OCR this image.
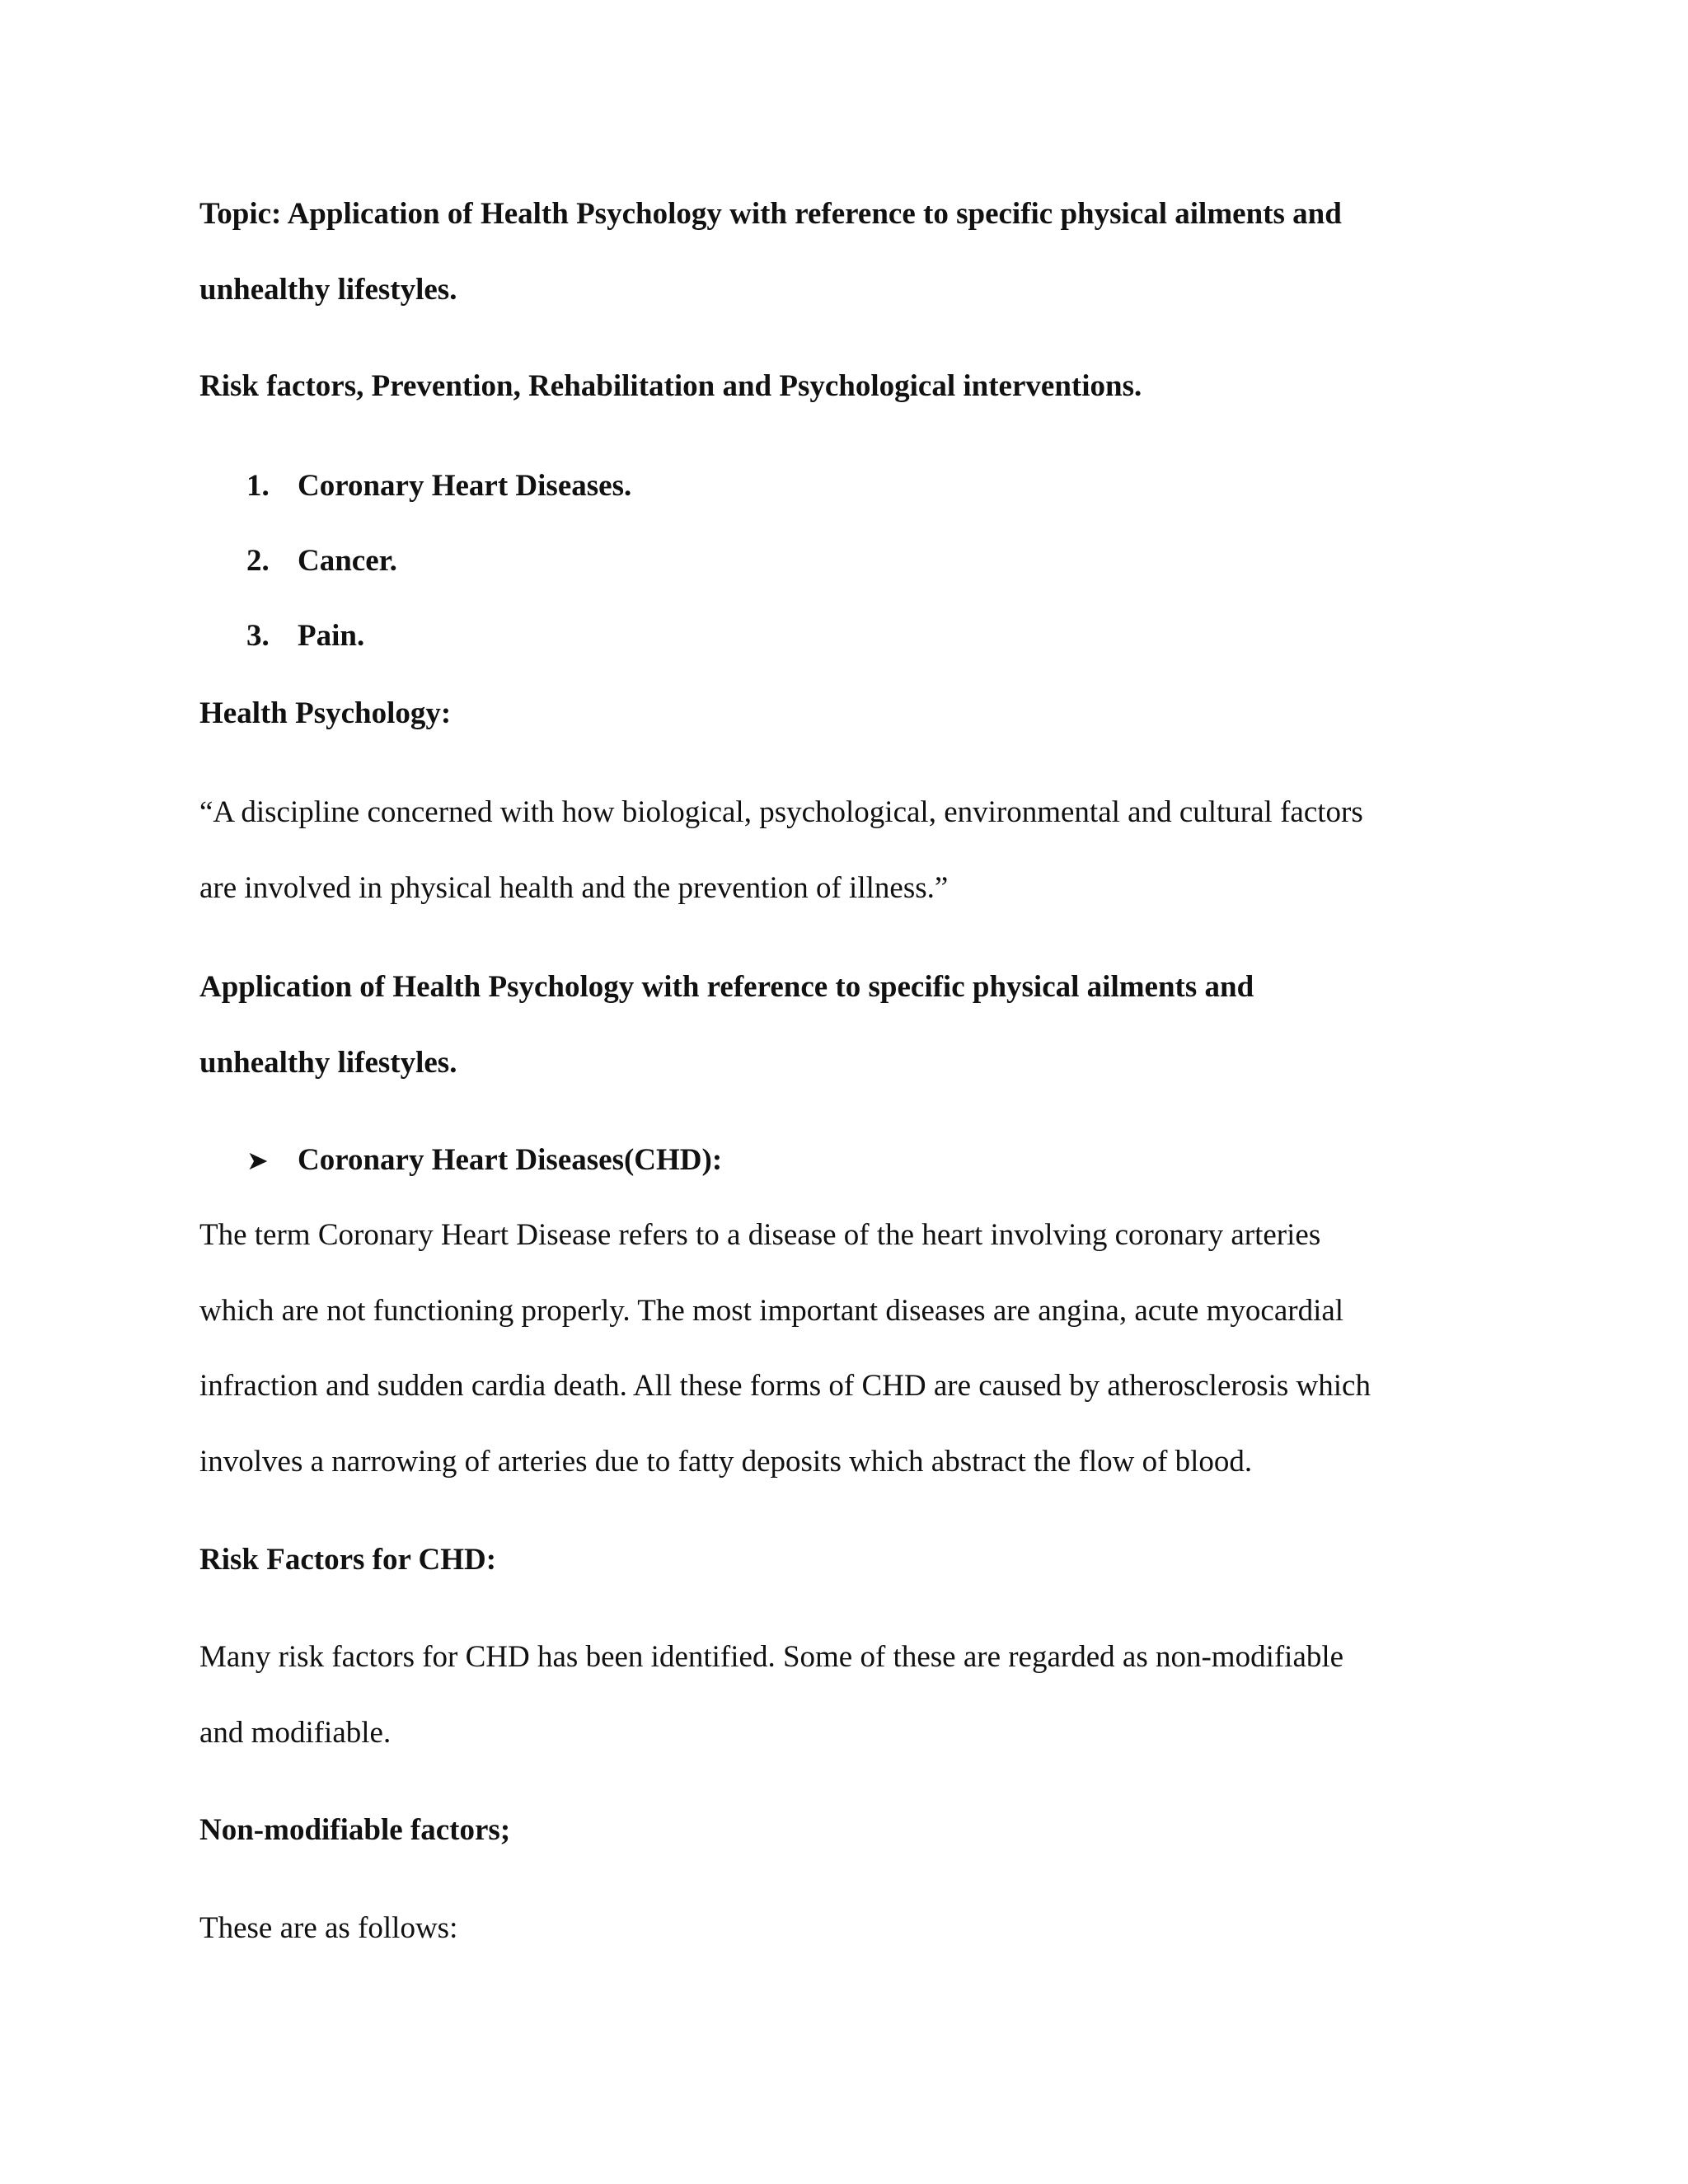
Topic: Application of Health Psychology with reference to specific physical ailments and

unhealthy lifestyles.

Risk factors, Prevention, Rehabilitation and Psychological interventions.

1. Coronary Heart Diseases.
2. Cancer.
3. Pain.

Health Psychology:

“A discipline concerned with how biological, psychological, environmental and cultural factors

are involved in physical health and the prevention of illness.”

Application of Health Psychology with reference to specific physical ailments and

unhealthy lifestyles.

➤ Coronary Heart Diseases(CHD):

The term Coronary Heart Disease refers to a disease of the heart involving coronary arteries

which are not functioning properly. The most important diseases are angina, acute myocardial

infraction and sudden cardia death. All these forms of CHD are caused by atherosclerosis which

involves a narrowing of arteries due to fatty deposits which abstract the flow of blood.

Risk Factors for CHD:

Many risk factors for CHD has been identified. Some of these are regarded as non-modifiable

and modifiable.

Non-modifiable factors;

These are as follows:
